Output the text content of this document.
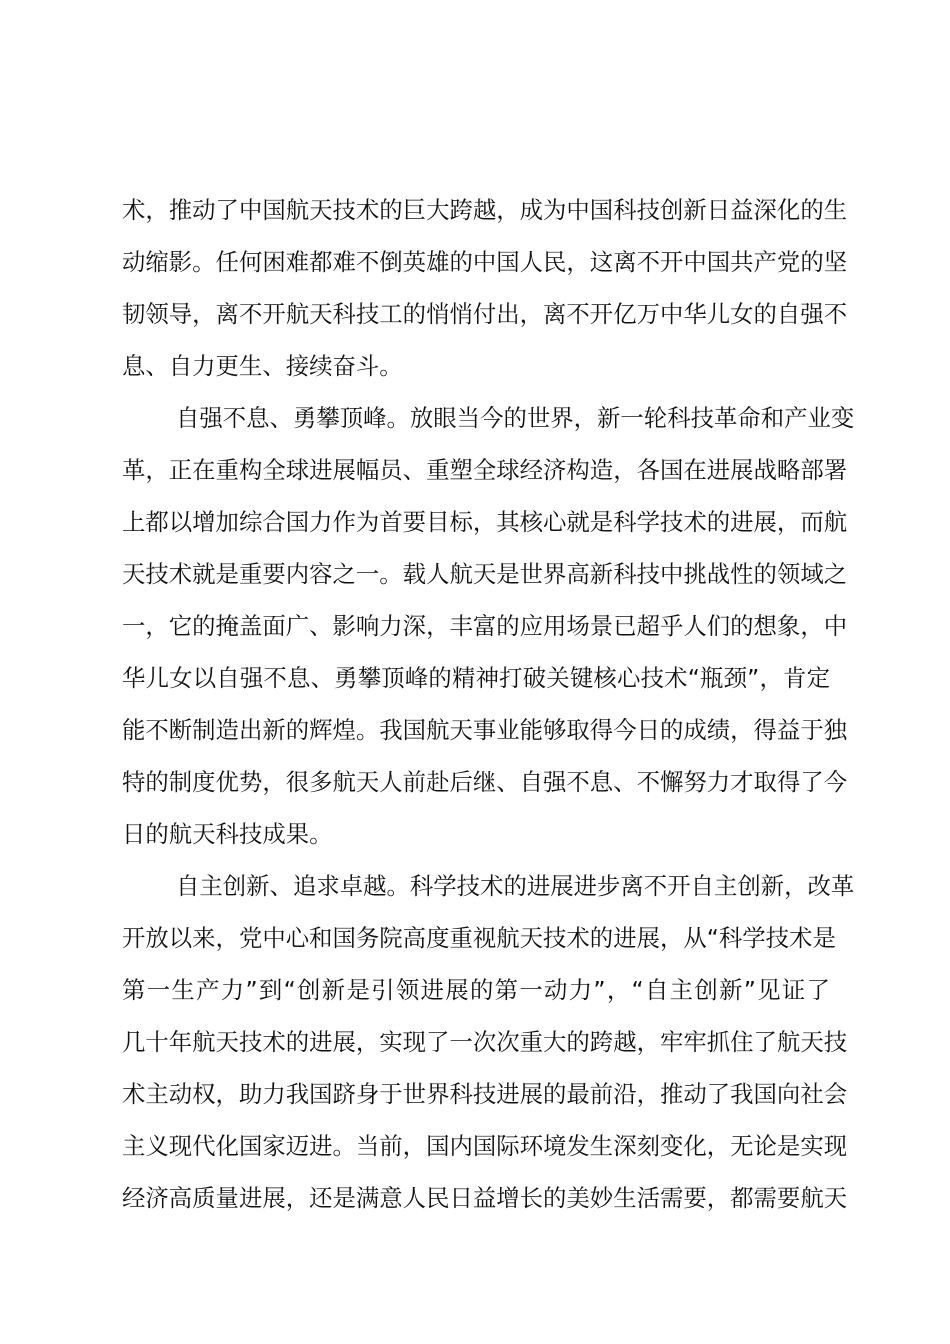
术，推动了中国航天技术的巨大跨越，成为中国科技创新日益深化的生
动缩影。任何困难都难不倒英雄的中国人民，这离不开中国共产党的坚
韧领导，离不开航天科技工的悄悄付出，离不开亿万中华儿女的自强不
息、自力更生、接续奋斗。
自强不息、勇攀顶峰。放眼当今的世界，新一轮科技革命和产业变
革，正在重构全球进展幅员、重塑全球经济构造，各国在进展战略部署
上都以增加综合国力作为首要目标，其核心就是科学技术的进展，而航
天技术就是重要内容之一。载人航天是世界高新科技中挑战性的领域之
一，它的掩盖面广、影响力深，丰富的应用场景已超乎人们的想象，中
华儿女以自强不息、勇攀顶峰的精神打破关键核心技术“瓶颈”，肯定
能不断制造出新的辉煌。我国航天事业能够取得今日的成绩，得益于独
特的制度优势，很多航天人前赴后继、自强不息、不懈努力才取得了今
日的航天科技成果。
自主创新、追求卓越。科学技术的进展进步离不开自主创新，改革
开放以来，党中心和国务院高度重视航天技术的进展，从“科学技术是
第一生产力”到“创新是引领进展的第一动力”，“自主创新”见证了
几十年航天技术的进展，实现了一次次重大的跨越，牢牢抓住了航天技
术主动权，助力我国跻身于世界科技进展的最前沿，推动了我国向社会
主义现代化国家迈进。当前，国内国际环境发生深刻变化，无论是实现
经济高质量进展，还是满意人民日益增长的美妙生活需要，都需要航天
